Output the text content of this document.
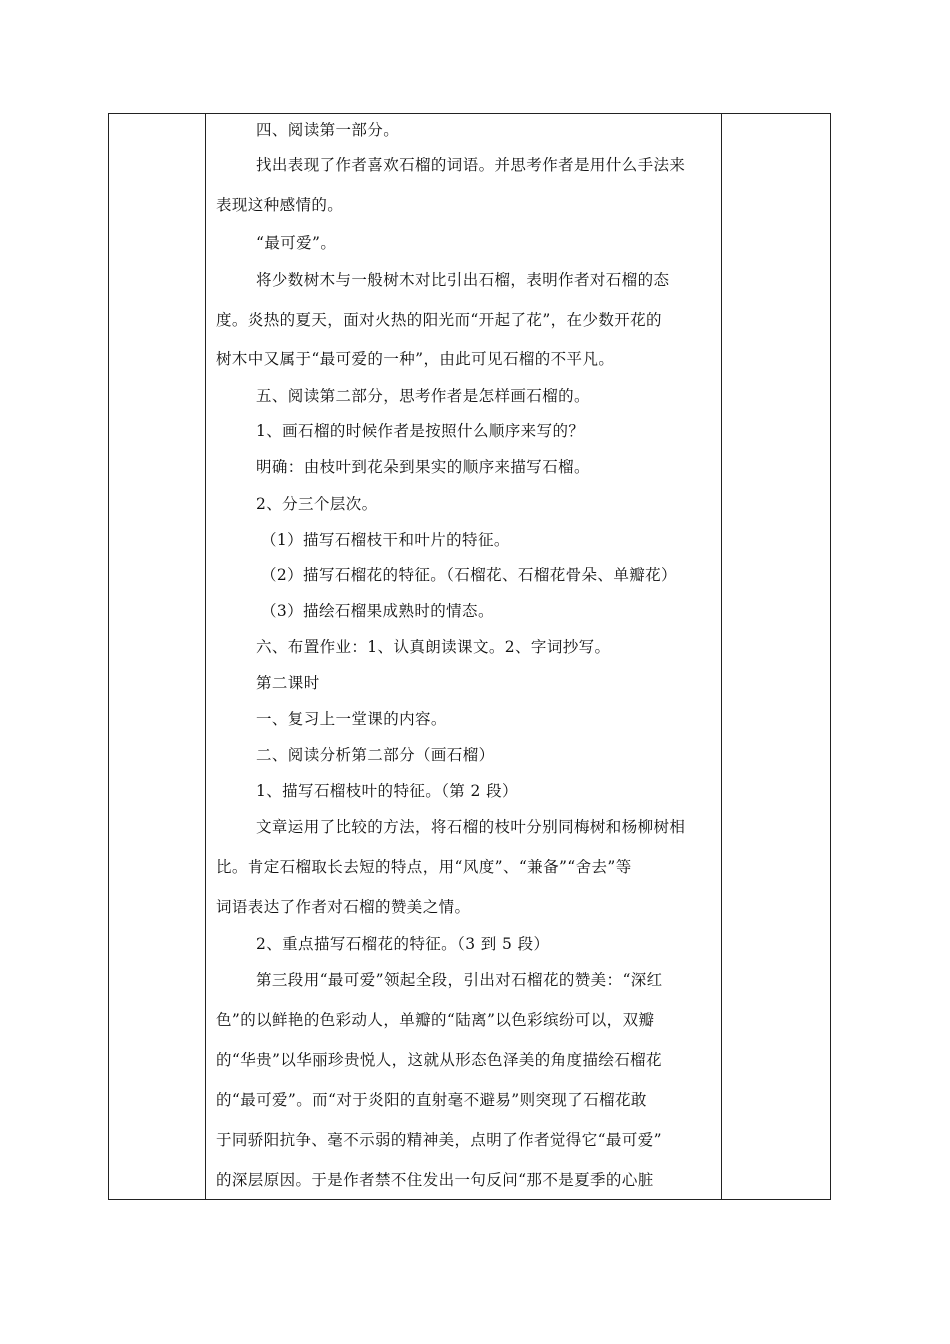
四、阅读第一部分。
找出表现了作者喜欢石榴的词语。并思考作者是用什么手法来
表现这种感情的。
“最可爱”。
将少数树木与一般树木对比引出石榴，表明作者对石榴的态
度。炎热的夏天，面对火热的阳光而“开起了花”，在少数开花的
树木中又属于“最可爱的一种”，由此可见石榴的不平凡。
五、阅读第二部分，思考作者是怎样画石榴的。
1、画石榴的时候作者是按照什么顺序来写的？
明确：由枝叶到花朵到果实的顺序来描写石榴。
2、分三个层次。
（1）描写石榴枝干和叶片的特征。
（2）描写石榴花的特征。（石榴花、石榴花骨朵、单瓣花）
（3）描绘石榴果成熟时的情态。
六、布置作业：1、认真朗读课文。2、字词抄写。
第二课时
一、复习上一堂课的内容。
二、阅读分析第二部分（画石榴）
1、描写石榴枝叶的特征。（第 2 段）
文章运用了比较的方法，将石榴的枝叶分别同梅树和杨柳树相
比。肯定石榴取长去短的特点，用“风度”、“兼备”“舍去”等
词语表达了作者对石榴的赞美之情。
2、重点描写石榴花的特征。（3 到 5 段）
第三段用“最可爱”领起全段，引出对石榴花的赞美：“深红
色”的以鲜艳的色彩动人，单瓣的“陆离”以色彩缤纷可以，双瓣
的“华贵”以华丽珍贵悦人，这就从形态色泽美的角度描绘石榴花
的“最可爱”。而“对于炎阳的直射毫不避易”则突现了石榴花敢
于同骄阳抗争、毫不示弱的精神美，点明了作者觉得它“最可爱”
的深层原因。于是作者禁不住发出一句反问“那不是夏季的心脏
